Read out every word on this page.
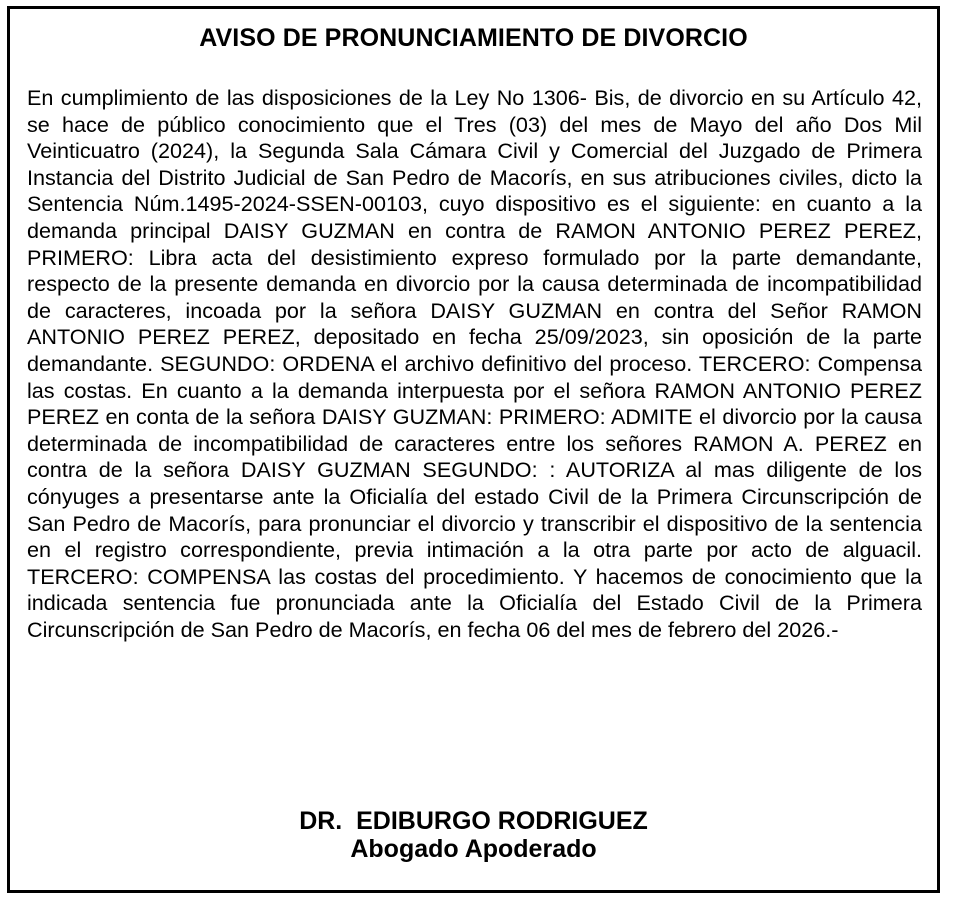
AVISO DE PRONUNCIAMIENTO DE DIVORCIO

En cumplimiento de las disposiciones de la Ley No 1306- Bis, de divorcio en su Artículo 42, se hace de público conocimiento que el Tres (03) del mes de Mayo del año Dos Mil Veinticuatro (2024), la Segunda Sala Cámara Civil y Comercial del Juzgado de Primera Instancia del Distrito Judicial de San Pedro de Macorís, en sus atribuciones civiles, dicto la Sentencia Núm.1495-2024-SSEN-00103, cuyo dispositivo es el siguiente: en cuanto a la demanda principal DAISY GUZMAN en contra de RAMON ANTONIO PEREZ PEREZ, PRIMERO: Libra acta del desistimiento expreso formulado por la parte demandante, respecto de la presente demanda en divorcio por la causa determinada de incompatibilidad de caracteres, incoada por la señora DAISY GUZMAN en contra del Señor RAMON ANTONIO PEREZ PEREZ, depositado en fecha 25/09/2023, sin oposición de la parte demandante. SEGUNDO: ORDENA el archivo definitivo del proceso. TERCERO: Compensa las costas. En cuanto a la demanda interpuesta por el señora RAMON ANTONIO PEREZ PEREZ en conta de la señora DAISY GUZMAN: PRIMERO: ADMITE el divorcio por la causa determinada de incompatibilidad de caracteres entre los señores RAMON A. PEREZ en contra de la señora DAISY GUZMAN SEGUNDO: : AUTORIZA al mas diligente de los cónyuges a presentarse ante la Oficialía del estado Civil de la Primera Circunscripción de San Pedro de Macorís, para pronunciar el divorcio y transcribir el dispositivo de la sentencia en el registro correspondiente, previa intimación a la otra parte por acto de alguacil. TERCERO: COMPENSA las costas del procedimiento. Y hacemos de conocimiento que la indicada sentencia fue pronunciada ante la Oficialía del Estado Civil de la Primera Circunscripción de San Pedro de Macorís, en fecha 06 del mes de febrero del 2026.-

DR.  EDIBURGO RODRIGUEZ
Abogado Apoderado
